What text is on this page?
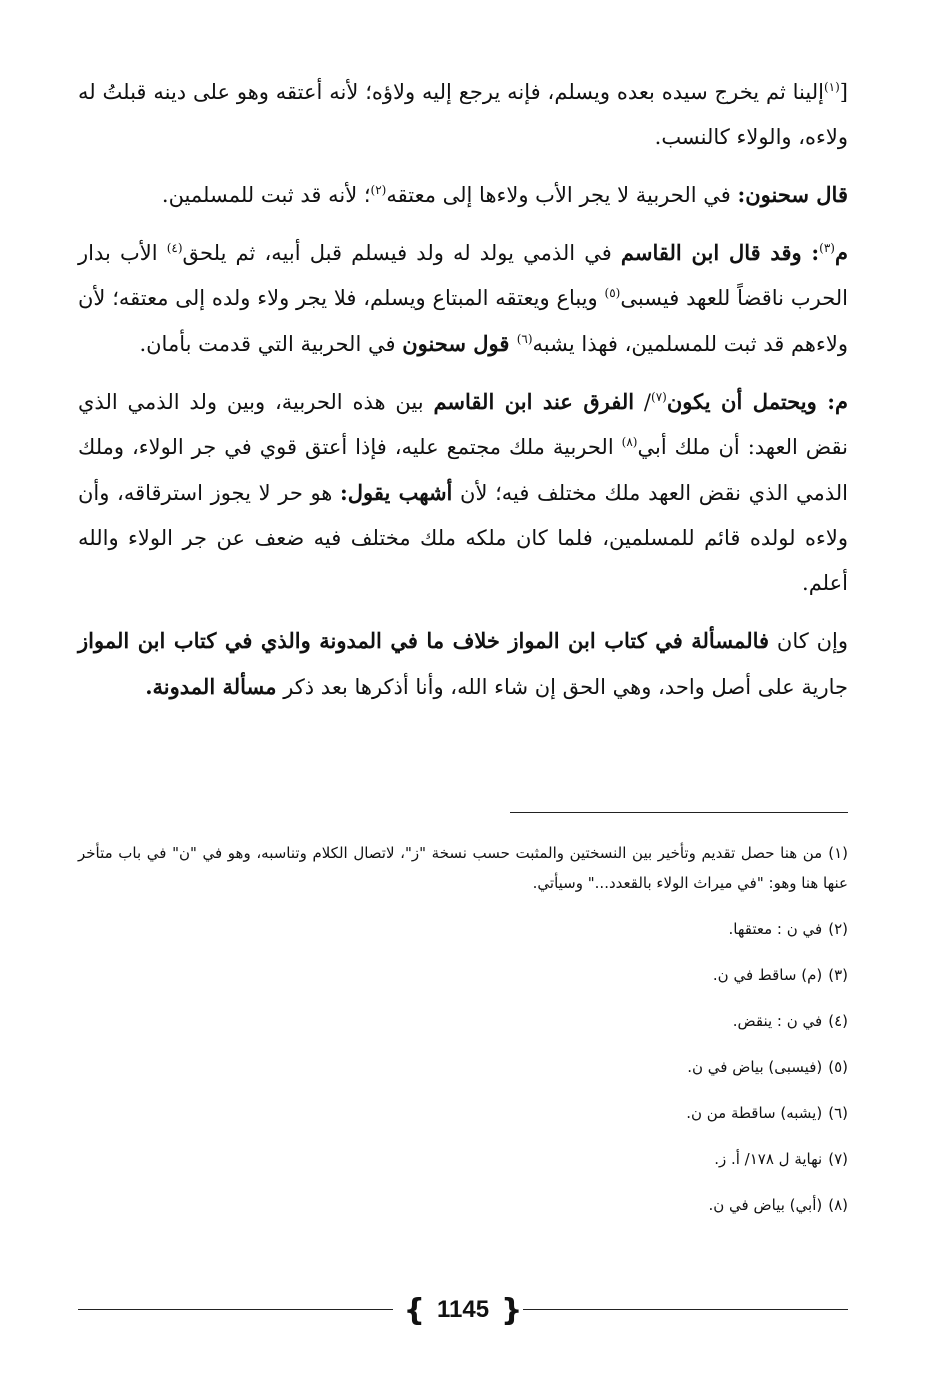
[$^{(١)}$إلينا ثم يخرج سيده بعده ويسلم، فإنه يرجع إليه ولاؤه؛ لأنه أعتقه وهو على دينه قبلتُ له ولاءه، والولاء كالنسب.

قال سحنون: في الحربية لا يجر الأب ولاءها إلى معتقه$^{(٢)}$؛ لأنه قد ثبت للمسلمين.

م$^{(٣)}$: وقد قال ابن القاسم في الذمي يولد له ولد فيسلم قبل أبيه، ثم يلحق$^{(٤)}$ الأب بدار الحرب ناقضاً للعهد فيسبى$^{(٥)}$ ويباع ويعتقه المبتاع ويسلم، فلا يجر ولاء ولده إلى معتقه؛ لأن ولاءهم قد ثبت للمسلمين، فهذا يشبه$^{(٦)}$ قول سحنون في الحربية التي قدمت بأمان.

م: ويحتمل أن يكون$^{(٧)}$/ الفرق عند ابن القاسم بين هذه الحربية، وبين ولد الذمي الذي نقض العهد: أن ملك أبي$^{(٨)}$ الحربية ملك مجتمع عليه، فإذا أعتق قوي في جر الولاء، وملك الذمي الذي نقض العهد ملك مختلف فيه؛ لأن أشهب يقول: هو حر لا يجوز استرقاقه، وأن ولاءه لولده قائم للمسلمين، فلما كان ملكه ملك مختلف فيه ضعف عن جر الولاء والله أعلم.

وإن كان فالمسألة في كتاب ابن المواز خلاف ما في المدونة والذي في كتاب ابن المواز جارية على أصل واحد، وهي الحق إن شاء الله، وأنا أذكرها بعد ذكر مسألة المدونة.

(١)من هنا حصل تقديم وتأخير بين النسختين والمثبت حسب نسخة "ز"، لاتصال الكلام وتناسبه، وهو في "ن" في باب متأخر عنها هنا وهو: "في ميراث الولاء بالقعدد..." وسيأتي.
(٢)في ن : معتقها.
(٣)(م) ساقط في ن.
(٤)في ن : ينقض.
(٥)(فيسبى) بياض في ن.
(٦)(يشبه) ساقطة من ن.
(٧)نهاية ل ١٧٨/ أ. ز.
(٨)(أبي) بياض في ن.
{ 1145 }
